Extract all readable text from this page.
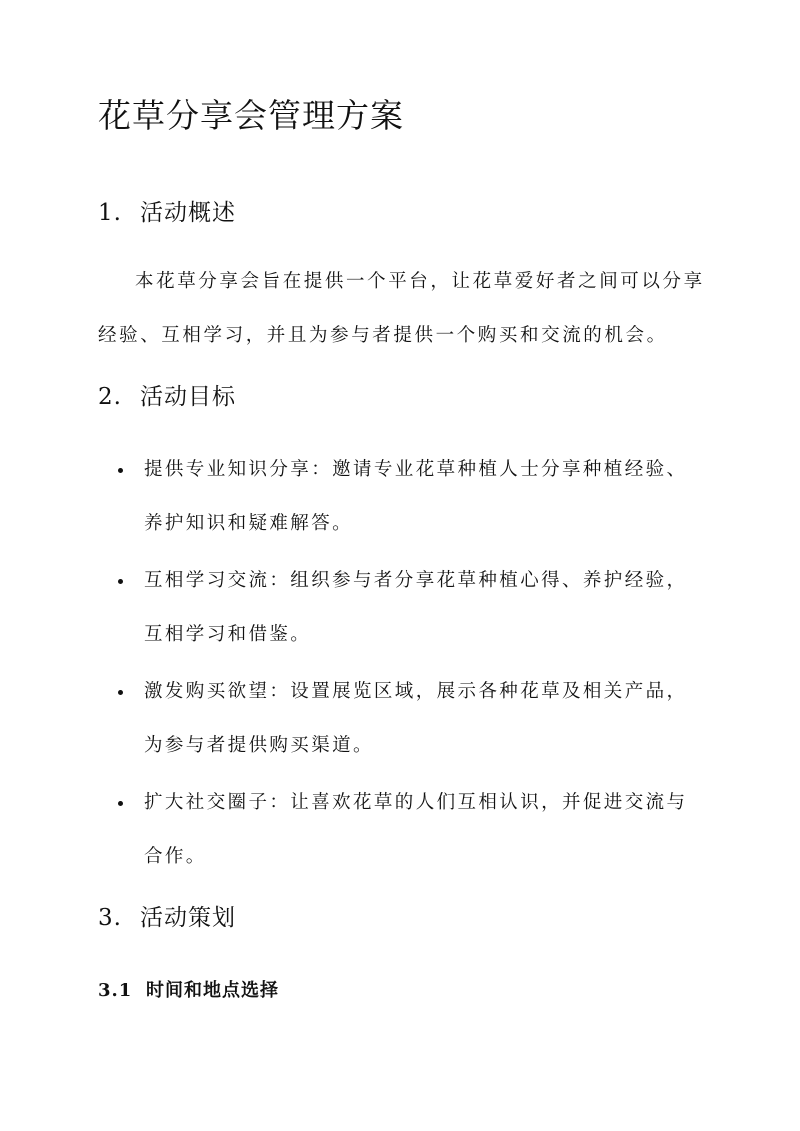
花草分享会管理方案
1. 活动概述
本花草分享会旨在提供一个平台，让花草爱好者之间可以分享
经验、互相学习，并且为参与者提供一个购买和交流的机会。
2. 活动目标
提供专业知识分享：邀请专业花草种植人士分享种植经验、
养护知识和疑难解答。
互相学习交流：组织参与者分享花草种植心得、养护经验，
互相学习和借鉴。
激发购买欲望：设置展览区域，展示各种花草及相关产品，
为参与者提供购买渠道。
扩大社交圈子：让喜欢花草的人们互相认识，并促进交流与
合作。
3. 活动策划
3.1 时间和地点选择
